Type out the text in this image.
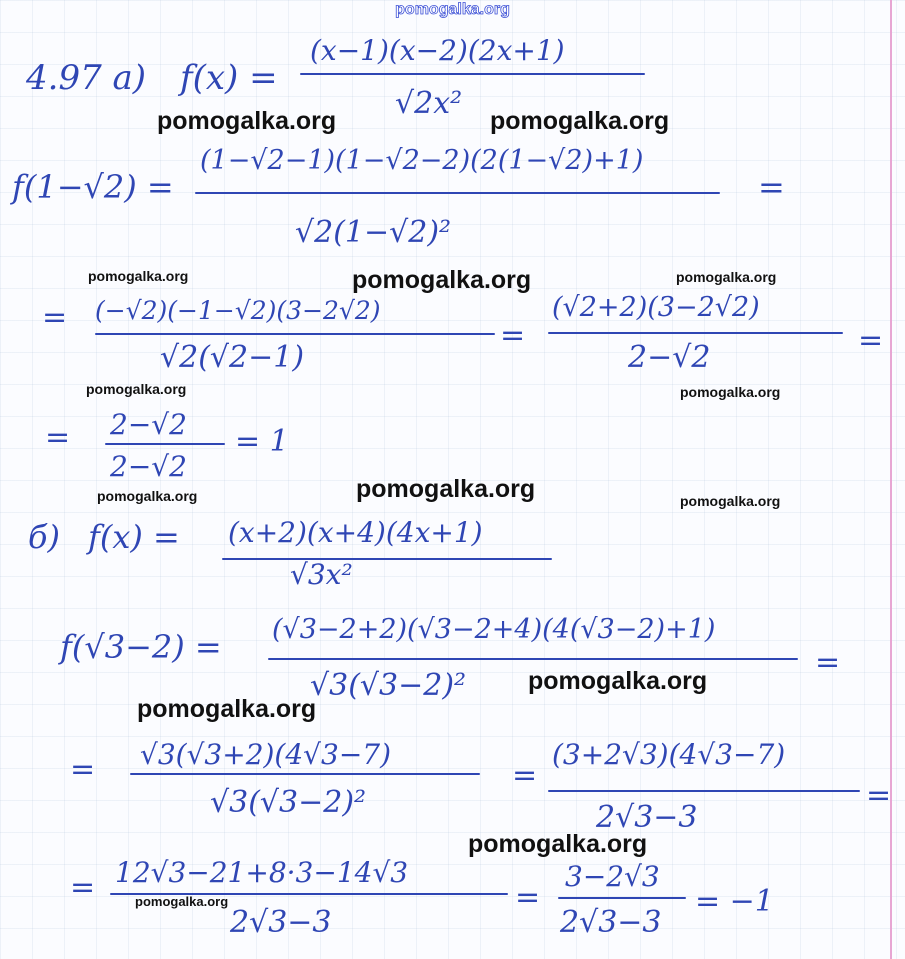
pomogalka.org
4.97 а) f(x) =
(x−1)(x−2)(2x+1)
√2x²
f(1−√2) =
(1−√2−1)(1−√2−2)(2(1−√2)+1)
√2(1−√2)²
=
= (−√2)(−1−√2)(3−2√2)
√2(√2−1)
=
(√2+2)(3−2√2)
2−√2	=
= 2−√2
2−√2
= 1
б) f(x) = (x+2)(x+4)(4x+1)
√3x²
f(√3−2) = (√3−2+2)(√3−2+4)(4(√3−2)+1)
√3(√3−2)²
=
= √3(√3+2)(4√3−7)
√3(√3−2)²
=
(3+2√3)(4√3−7)
2√3−3
=
= 12√3−21+8·3−14√3
2√3−3
=
3−2√3
2√3−3
= −1
pomogalka.org	pomogalka.org
pomogalka.org	pomogalka.org	pomogalka.org
pomogalka.org	pomogalka.org
pomogalka.org	pomogalka.org	pomogalka.org
pomogalka.org
pomogalka.org
pomogalka.org
pomogalka.org
